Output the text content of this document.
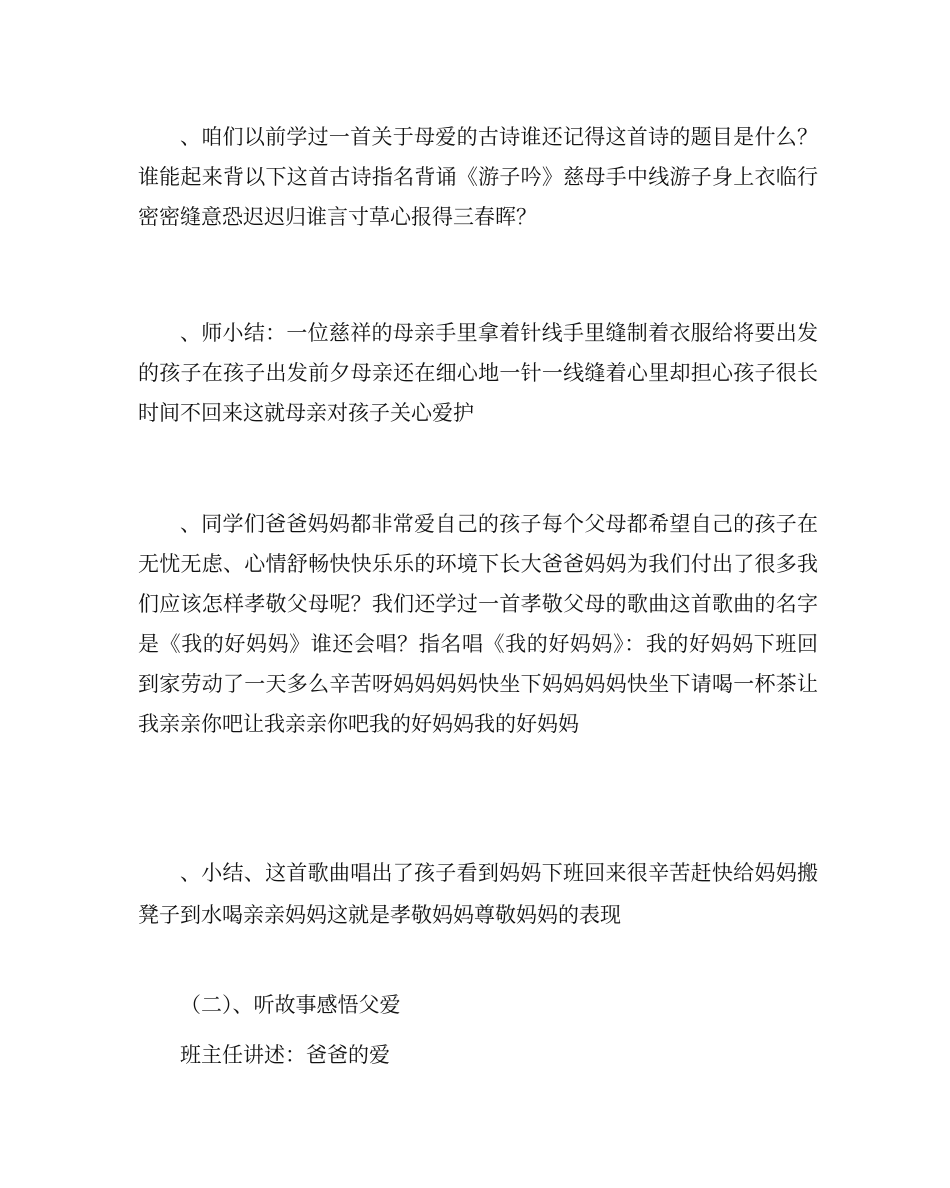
、咱们以前学过一首关于母爱的古诗谁还记得这首诗的题目是什么？谁能起来背以下这首古诗指名背诵《游子吟》慈母手中线游子身上衣临行密密缝意恐迟迟归谁言寸草心报得三春晖？

、师小结：一位慈祥的母亲手里拿着针线手里缝制着衣服给将要出发的孩子在孩子出发前夕母亲还在细心地一针一线缝着心里却担心孩子很长时间不回来这就母亲对孩子关心爱护

、同学们爸爸妈妈都非常爱自己的孩子每个父母都希望自己的孩子在无忧无虑、心情舒畅快快乐乐的环境下长大爸爸妈妈为我们付出了很多我们应该怎样孝敬父母呢？我们还学过一首孝敬父母的歌曲这首歌曲的名字是《我的好妈妈》谁还会唱？指名唱《我的好妈妈》：我的好妈妈下班回到家劳动了一天多么辛苦呀妈妈妈妈快坐下妈妈妈妈快坐下请喝一杯茶让我亲亲你吧让我亲亲你吧我的好妈妈我的好妈妈

、小结、这首歌曲唱出了孩子看到妈妈下班回来很辛苦赶快给妈妈搬凳子到水喝亲亲妈妈这就是孝敬妈妈尊敬妈妈的表现

（二）、听故事感悟父爱
班主任讲述：爸爸的爱
